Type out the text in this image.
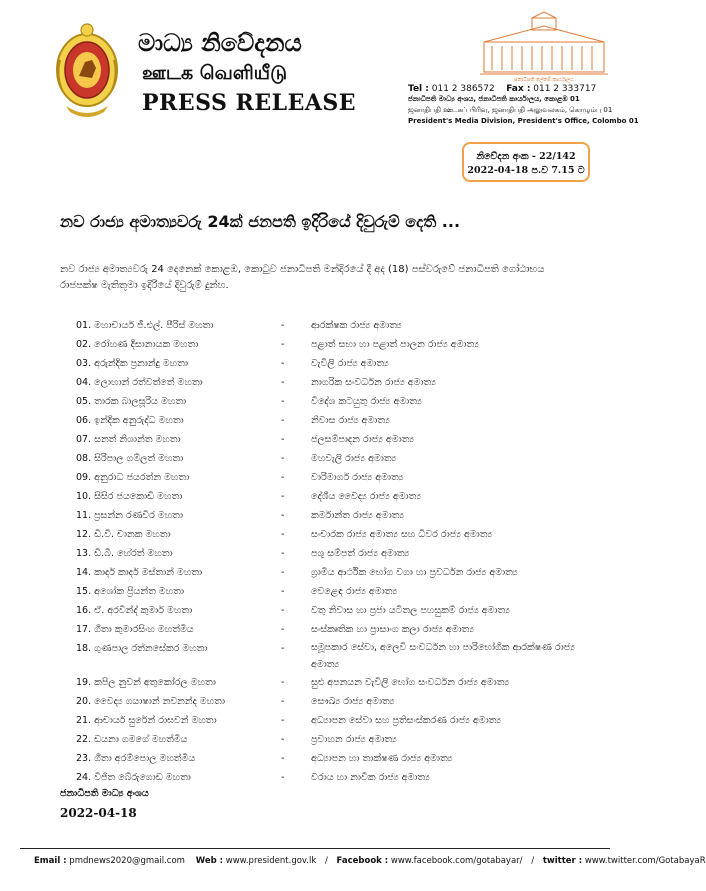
මාධ්‍ය නිවේදනය
ஊடக வெளியீடு
PRESS RELEASE
ජනාධිපති ලේකම් කාර්යාලය
Tel : 011 2 386572 Fax : 011 2 333717
ජනාධිපති මාධ්‍ය අංශය, ජනාධිපති කාර්යාලය, කොළඹ 01
ஜனாதிபதி ஊடகப் பிரிவு, ஜனாதிபதி அலுவலகம், கொழும்பு 01
President's Media Division, President's Office, Colombo 01
නිවේදන අංක - 22/142
2022-04-18 ප.ව 7.15 ට
නව රාජ්‍ය අමාත්‍යවරු 24ක් ජනපති ඉදිරියේ දිවුරුම් දෙති ...
නව රාජ්‍ය අමාත්‍යවරු 24 දෙනෙක් කොළඹ, කොටුව ජනාධිපති මන්දිරයේ දී අද (18) පස්වරුවේ ජනාධිපති ගෝඨාභය රාජපක්ෂ මැතිතුමා ඉදිරියේ දිවුරුම් දුන්හ.
01. මහාචාර්ය ජී.එල්. පීරිස් මහතා	-	ආරක්ෂක රාජ්‍ය අමාත්‍ය
02. රෝහණ දිසානායක මහතා	-	පළාත් සභා හා පළාත් පාලන රාජ්‍ය අමාත්‍ය
03. අරුන්දික ප්‍රනාන්දු මහතා	-	වැවිලි රාජ්‍ය අමාත්‍ය
04. ලොහාන් රත්වත්තේ මහතා	-	නාගරික සංවර්ධන රාජ්‍ය අමාත්‍ය
05. තාරක බාලසූරිය මහතා	-	විදේශ කටයුතු රාජ්‍ය අමාත්‍ය
06. ඉන්දික අනුරුද්ධ මහතා	-	නිවාස රාජ්‍ය අමාත්‍ය
07. සනත් නිශාන්ත මහතා	-	ජලසම්පාදන රාජ්‍ය අමාත්‍ය
08. සිරිපාල ගම්ලත් මහතා	-	මහවැලි රාජ්‍ය අමාත්‍ය
09. අනුරාධ ජයරත්න මහතා	-	වාරිමාර්ග රාජ්‍ය අමාත්‍ය
10. සිසිර ජයකොඩි මහතා	-	දේශීය වෛද්‍ය රාජ්‍ය අමාත්‍ය
11. ප්‍රසන්න රණවීර මහතා	-	කර්මාන්ත රාජ්‍ය අමාත්‍ය
12. ඩී.වී. චානක මහතා	-	සංචාරක රාජ්‍ය අමාත්‍ය සහ ධීවර රාජ්‍ය අමාත්‍ය
13. ඩී.බී. හේරත් මහතා	-	පශු සම්පත් රාජ්‍ය අමාත්‍ය
14. කාදර් කාදර් මස්තාන් මහතා	-	ග්‍රාමීය ආර්ථික භෝග වගා හා ප්‍රවර්ධන රාජ්‍ය අමාත්‍ය
15. අශෝක ප්‍රියන්ත මහතා	-	වෙළෙඳ රාජ්‍ය අමාත්‍ය
16. ඒ. අරවින්ද් කුමාර් මහතා	-	වතු නිවාස හා ප්‍රජා යටිතල පහසුකම් රාජ්‍ය අමාත්‍ය
17. ගීතා කුමාරසිංහ මහත්මිය	-	සංස්කෘතික හා ප්‍රාසාංග කලා රාජ්‍ය අමාත්‍ය
18. ගුණපාල රත්නසේකර මහතා	-	සමූපකාර සේවා, අලෙවි සංවර්ධන හා පාරිභෝගික ආරක්ෂණ රාජ්‍ය අමාත්‍ය
19. කපිල නුවන් අතුකෝරල මහතා	-	සුළු අපනයන වැවිලි භෝග සංවර්ධන රාජ්‍ය අමාත්‍ය
20. වෛද්‍ය ගයාෂාන් නවනන්ද මහතා	-	සෞඛ්‍ය රාජ්‍ය අමාත්‍ය
21. ආචාර්ය සුරේන් රාඝවන් මහතා	-	අධ්‍යාපන සේවා සහ ප්‍රතිසංස්කරණ රාජ්‍ය අමාත්‍ය
22. ඩයනා ගමගේ මහත්මිය	-	ප්‍රවාහන රාජ්‍ය අමාත්‍ය
23. ගීතා අරම්පොල මහත්මිය	-	අධ්‍යාපන හා තාක්ෂණ රාජ්‍ය අමාත්‍ය
24. විජිත බේරුගොඩ මහතා	-	වරාය හා නාවික රාජ්‍ය අමාත්‍ය
ජනාධිපති මාධ්‍ය අංශය
2022-04-18
Email : pmdnews2020@gmail.com Web : www.president.gov.lk / Facebook : www.facebook.com/gotabayar/ / twitter : www.twitter.com/GotabayaR
